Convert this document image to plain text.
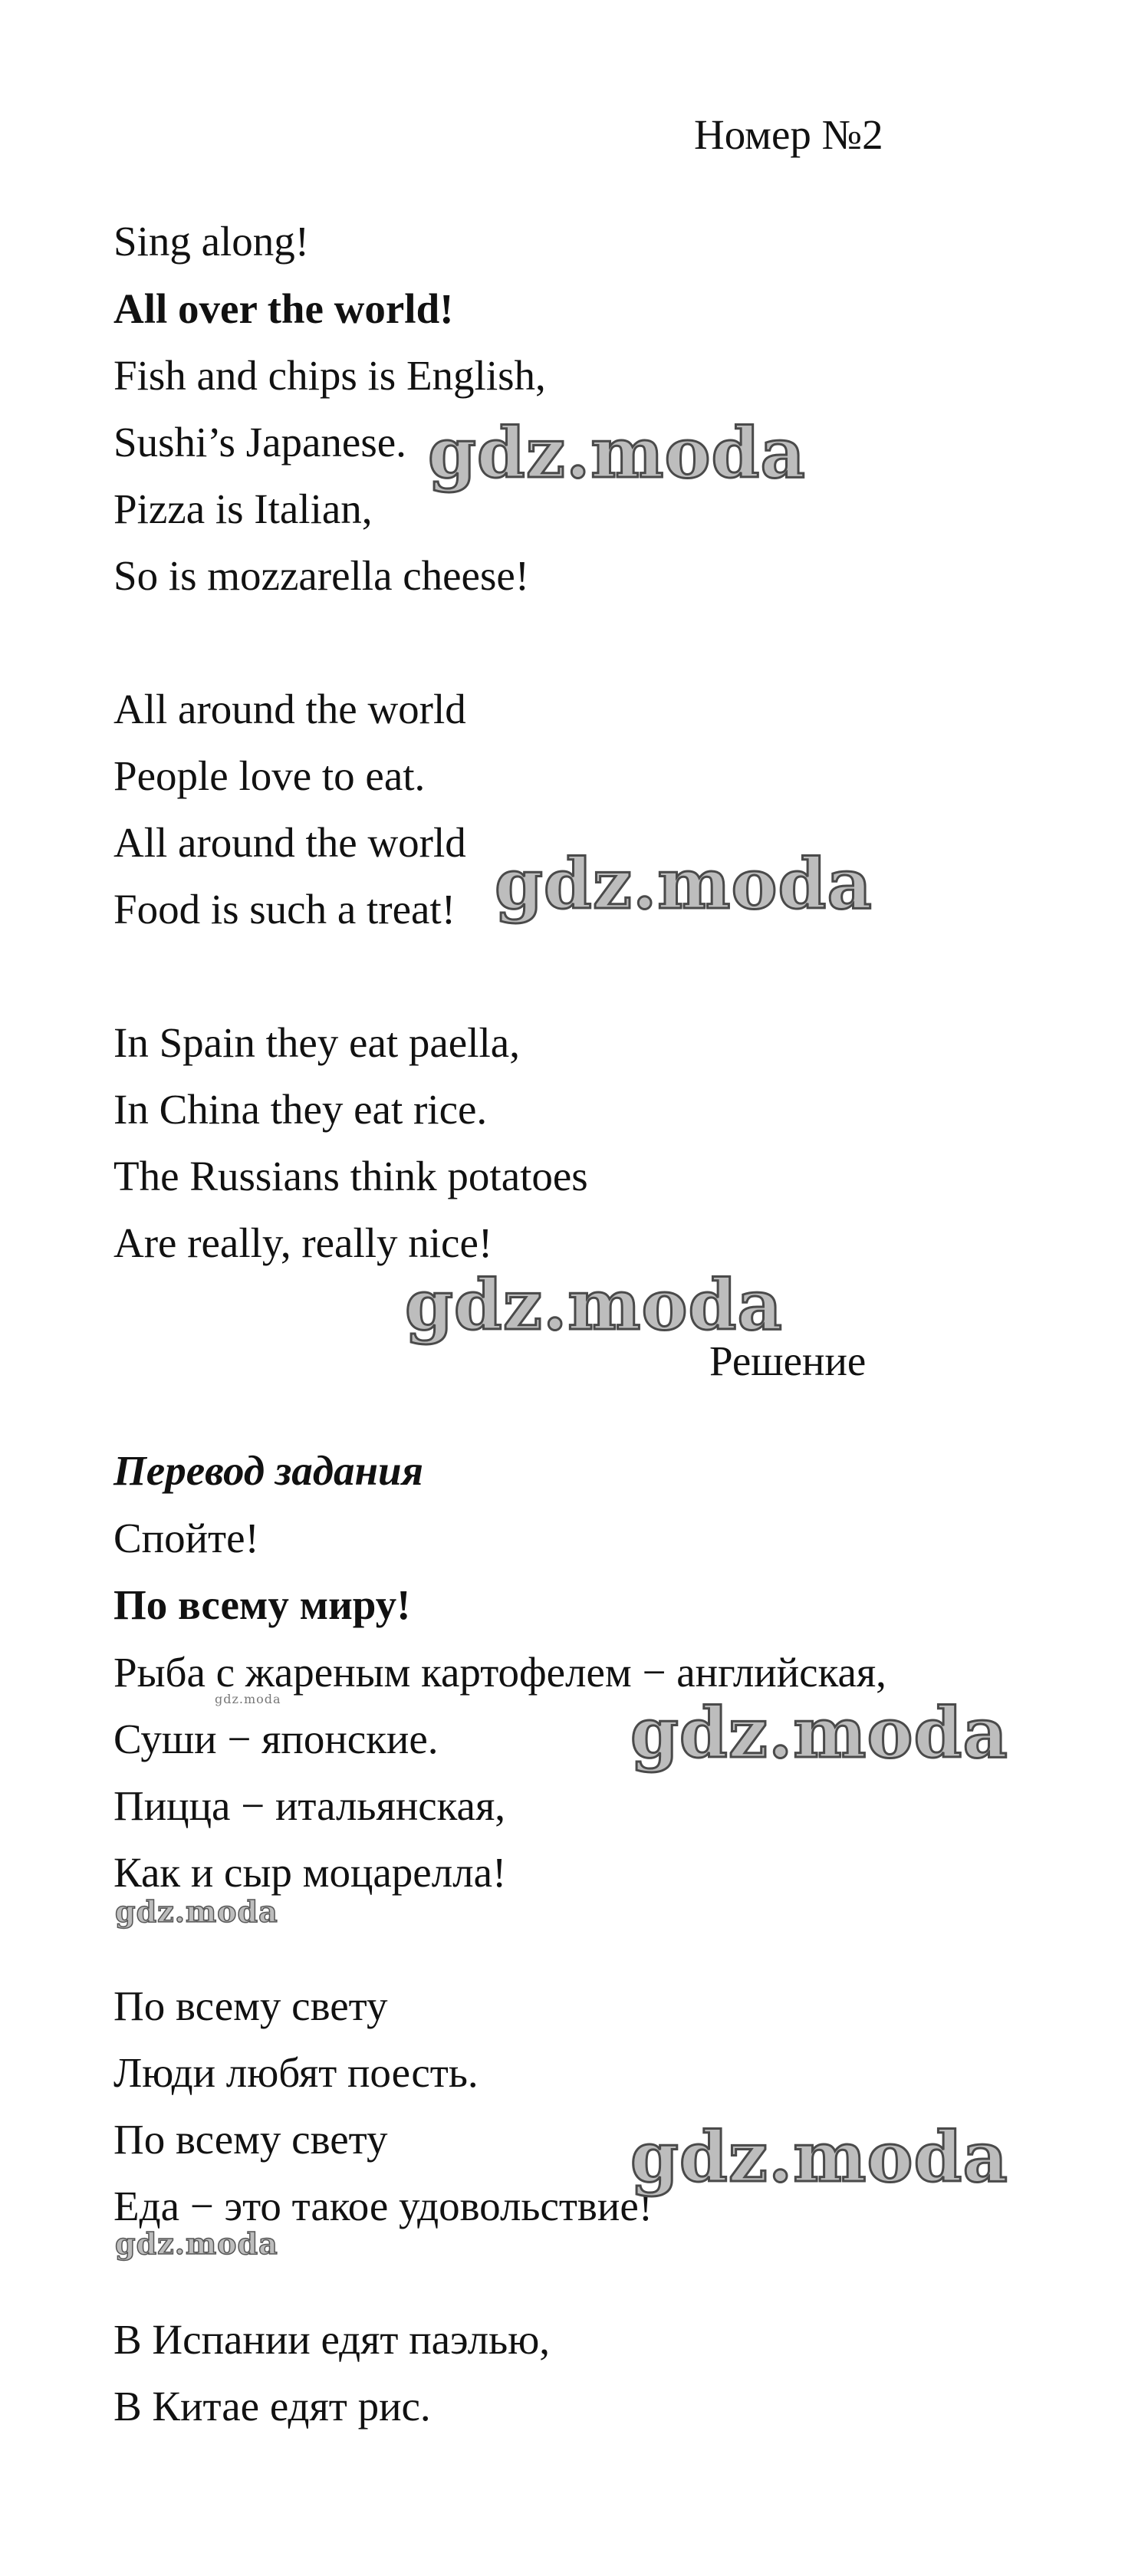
Номер №2
Sing along!
All over the world!
Fish and chips is English,
Sushi’s Japanese.
Pizza is Italian,
So is mozzarella cheese!
All around the world
People love to eat.
All around the world
Food is such a treat!
In Spain they eat paella,
In China they eat rice.
The Russians think potatoes
Are really, really nice!
Решение
Перевод задания
Спойте!
По всему миру!
Рыба с жареным картофелем − английская,
Суши − японские.
Пицца − итальянская,
Как и сыр моцарелла!
По всему свету
Люди любят поесть.
По всему свету
Еда − это такое удовольствие!
В Испании едят паэлью,
В Китае едят рис.
gdz.moda
gdz.moda
gdz.moda
gdz.moda	gdz.moda
gdz.moda
gdz.moda
gdz.moda
